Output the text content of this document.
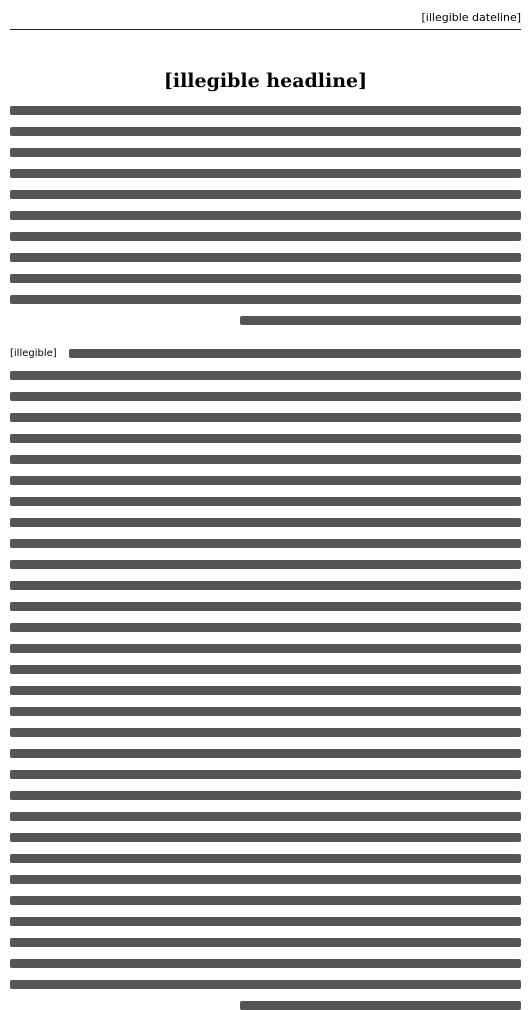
[illegible dateline]
[illegible headline]
[illegible]
